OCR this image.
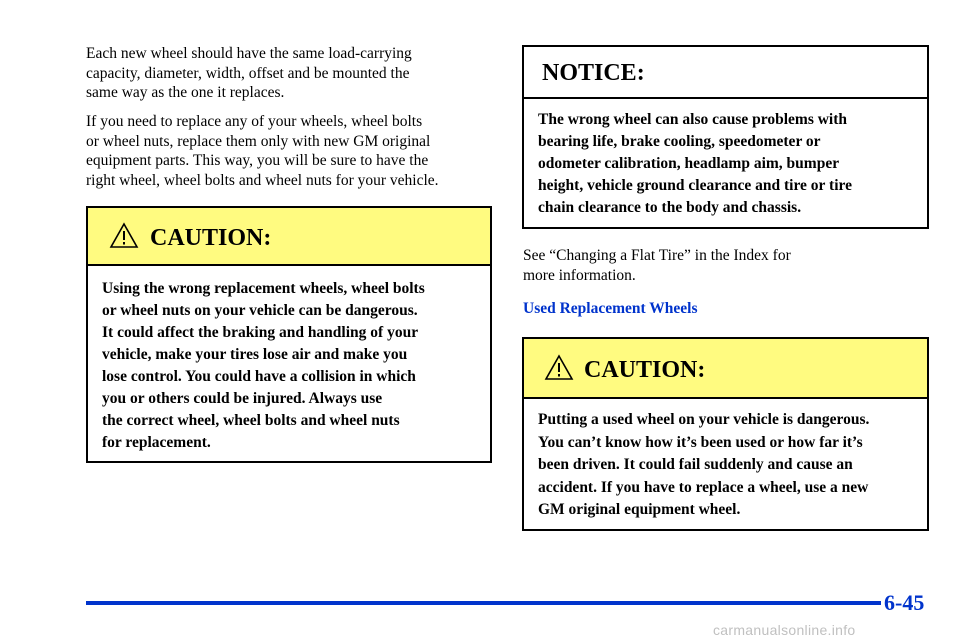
Each new wheel should have the same load-carrying
capacity, diameter, width, offset and be mounted the
same way as the one it replaces.
If you need to replace any of your wheels, wheel bolts
or wheel nuts, replace them only with new GM original
equipment parts. This way, you will be sure to have the
right wheel, wheel bolts and wheel nuts for your vehicle.
CAUTION:
Using the wrong replacement wheels, wheel bolts
or wheel nuts on your vehicle can be dangerous.
It could affect the braking and handling of your
vehicle, make your tires lose air and make you
lose control. You could have a collision in which
you or others could be injured. Always use
the correct wheel, wheel bolts and wheel nuts
for replacement.
NOTICE:
The wrong wheel can also cause problems with
bearing life, brake cooling, speedometer or
odometer calibration, headlamp aim, bumper
height, vehicle ground clearance and tire or tire
chain clearance to the body and chassis.
See “Changing a Flat Tire” in the Index for
more information.
Used Replacement Wheels
CAUTION:
Putting a used wheel on your vehicle is dangerous.
You can’t know how it’s been used or how far it’s
been driven. It could fail suddenly and cause an
accident. If you have to replace a wheel, use a new
GM original equipment wheel.
6-45
carmanualsonline.info
